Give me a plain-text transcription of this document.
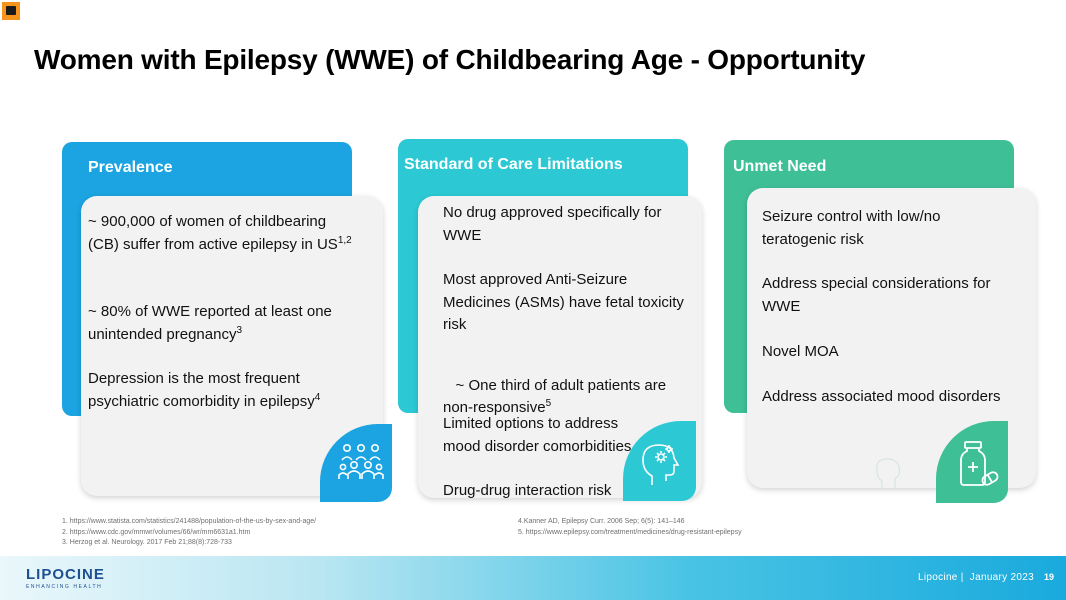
Women with Epilepsy (WWE) of Childbearing Age - Opportunity
Prevalence
~ 900,000 of women of childbearing (CB) suffer from active epilepsy in US$^{1,2}$
~ 80% of WWE reported at least one unintended pregnancy$^3$
Depression is the most frequent psychiatric comorbidity in epilepsy$^4$
Standard of Care Limitations
No drug approved specifically for WWE
Most approved Anti-Seizure Medicines (ASMs) have fetal toxicity risk

~ One third of adult patients are non-responsive$^5$

Limited options to address mood disorder comorbidities
Drug-drug interaction risk
Unmet Need
Seizure control with low/no teratogenic risk
Address special considerations for WWE
Novel MOA
Address associated mood disorders
1. https://www.statista.com/statistics/241488/population-of-the-us-by-sex-and-age/
2. https://www.cdc.gov/mmwr/volumes/66/wr/mm6631a1.htm
3. Herzog et al. Neurology. 2017 Feb 21;88(8):728-733
4.Kanner AD, Epilepsy Curr. 2006 Sep; 6(5): 141–146
5. https://www.epilepsy.com/treatment/medicines/drug-resistant-epilepsy
LIPOCINE
ENHANCING HEALTH
Lipocine |  January 2023 19
